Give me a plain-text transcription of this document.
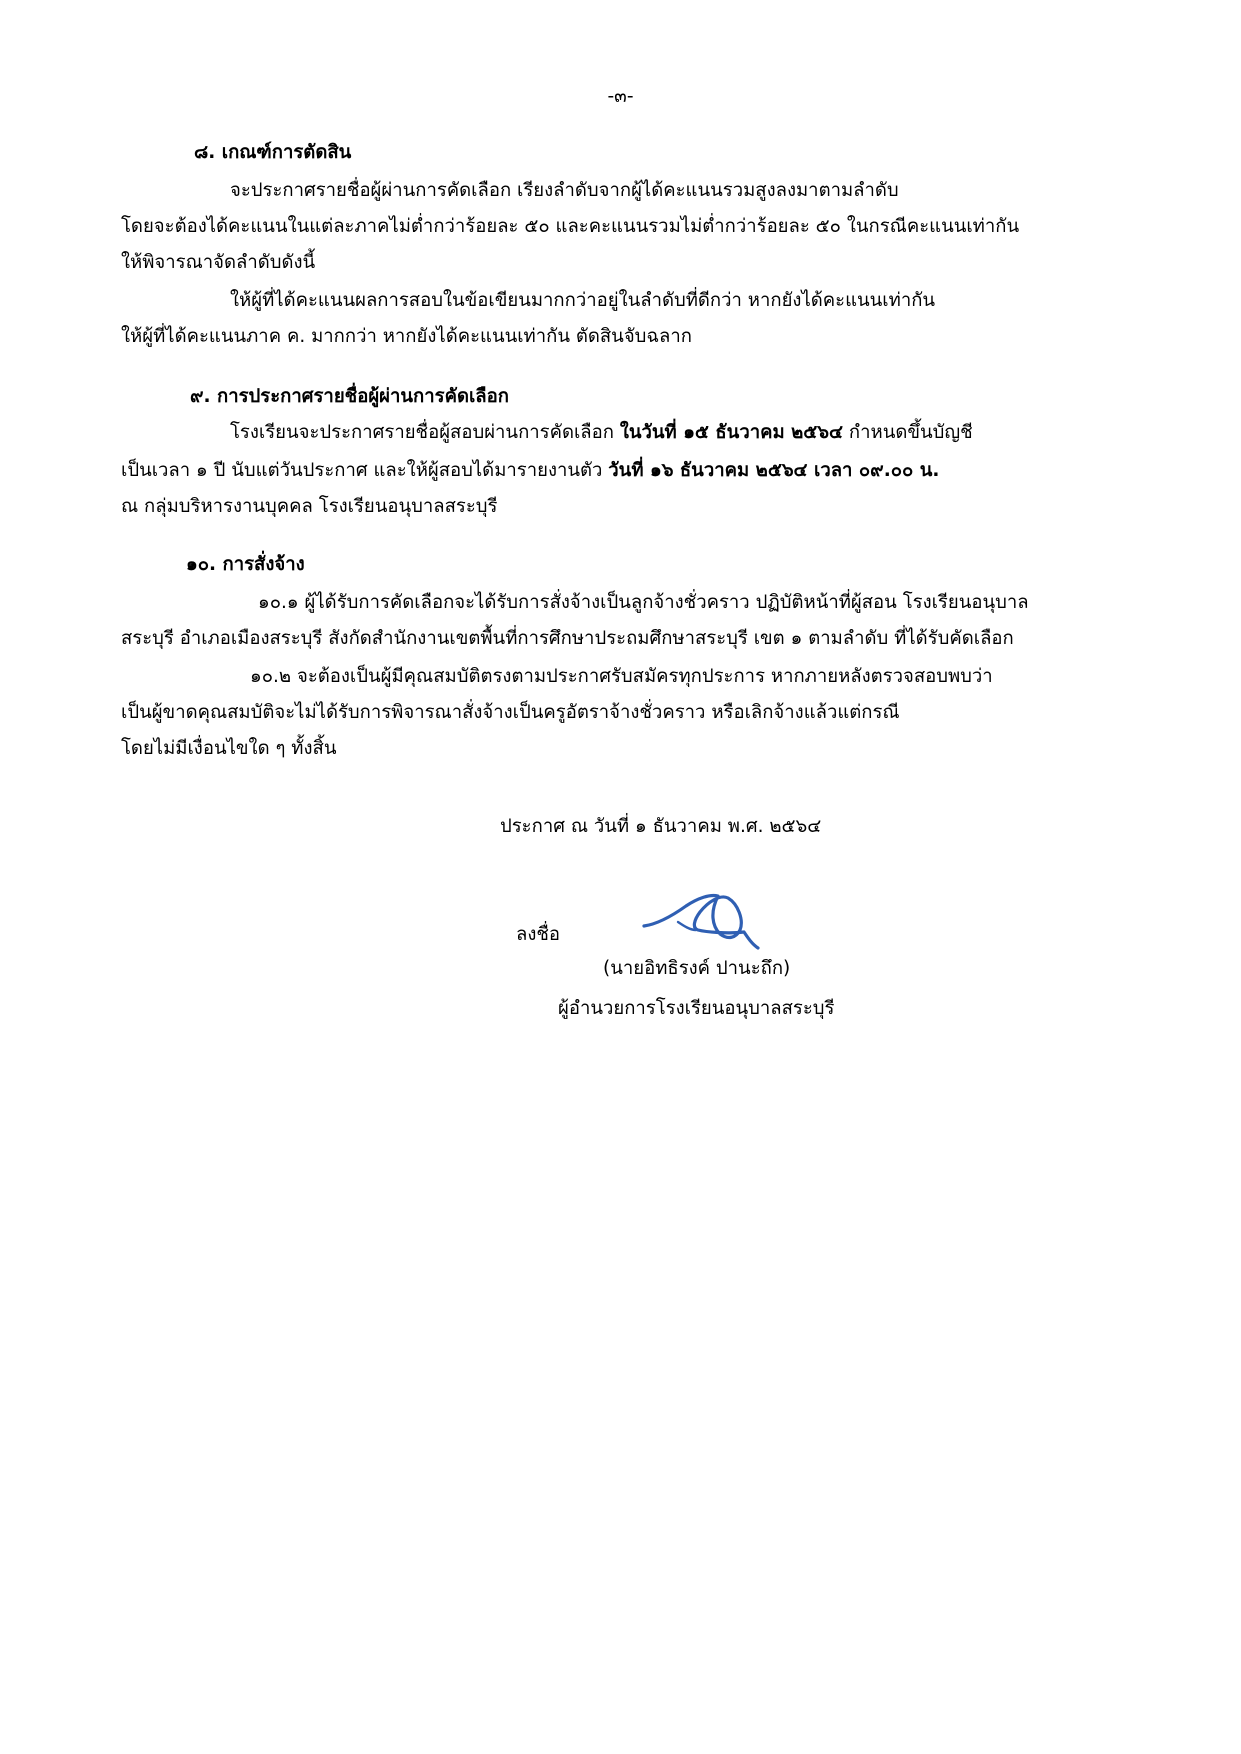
-๓-
๘. เกณฑ์การตัดสิน
จะประกาศรายชื่อผู้ผ่านการคัดเลือก เรียงลำดับจากผู้ได้คะแนนรวมสูงลงมาตามลำดับ
โดยจะต้องได้คะแนนในแต่ละภาคไม่ต่ำกว่าร้อยละ ๕๐ และคะแนนรวมไม่ต่ำกว่าร้อยละ ๕๐ ในกรณีคะแนนเท่ากัน
ให้พิจารณาจัดลำดับดังนี้
ให้ผู้ที่ได้คะแนนผลการสอบในข้อเขียนมากกว่าอยู่ในลำดับที่ดีกว่า หากยังได้คะแนนเท่ากัน
ให้ผู้ที่ได้คะแนนภาค ค. มากกว่า หากยังได้คะแนนเท่ากัน ตัดสินจับฉลาก
๙. การประกาศรายชื่อผู้ผ่านการคัดเลือก
โรงเรียนจะประกาศรายชื่อผู้สอบผ่านการคัดเลือก ในวันที่ ๑๕ ธันวาคม ๒๕๖๔ กำหนดขึ้นบัญชี
เป็นเวลา ๑ ปี นับแต่วันประกาศ และให้ผู้สอบได้มารายงานตัว วันที่ ๑๖ ธันวาคม ๒๕๖๔ เวลา ๐๙.๐๐ น.
ณ กลุ่มบริหารงานบุคคล โรงเรียนอนุบาลสระบุรี
๑๐. การสั่งจ้าง
๑๐.๑ ผู้ได้รับการคัดเลือกจะได้รับการสั่งจ้างเป็นลูกจ้างชั่วคราว ปฏิบัติหน้าที่ผู้สอน โรงเรียนอนุบาล
สระบุรี อำเภอเมืองสระบุรี สังกัดสำนักงานเขตพื้นที่การศึกษาประถมศึกษาสระบุรี เขต ๑ ตามลำดับ ที่ได้รับคัดเลือก
๑๐.๒ จะต้องเป็นผู้มีคุณสมบัติตรงตามประกาศรับสมัครทุกประการ หากภายหลังตรวจสอบพบว่า
เป็นผู้ขาดคุณสมบัติจะไม่ได้รับการพิจารณาสั่งจ้างเป็นครูอัตราจ้างชั่วคราว หรือเลิกจ้างแล้วแต่กรณี
โดยไม่มีเงื่อนไขใด ๆ ทั้งสิ้น
ประกาศ ณ วันที่ ๑ ธันวาคม พ.ศ. ๒๕๖๔
ลงชื่อ
(นายอิทธิรงค์ ปานะถึก)
ผู้อำนวยการโรงเรียนอนุบาลสระบุรี
